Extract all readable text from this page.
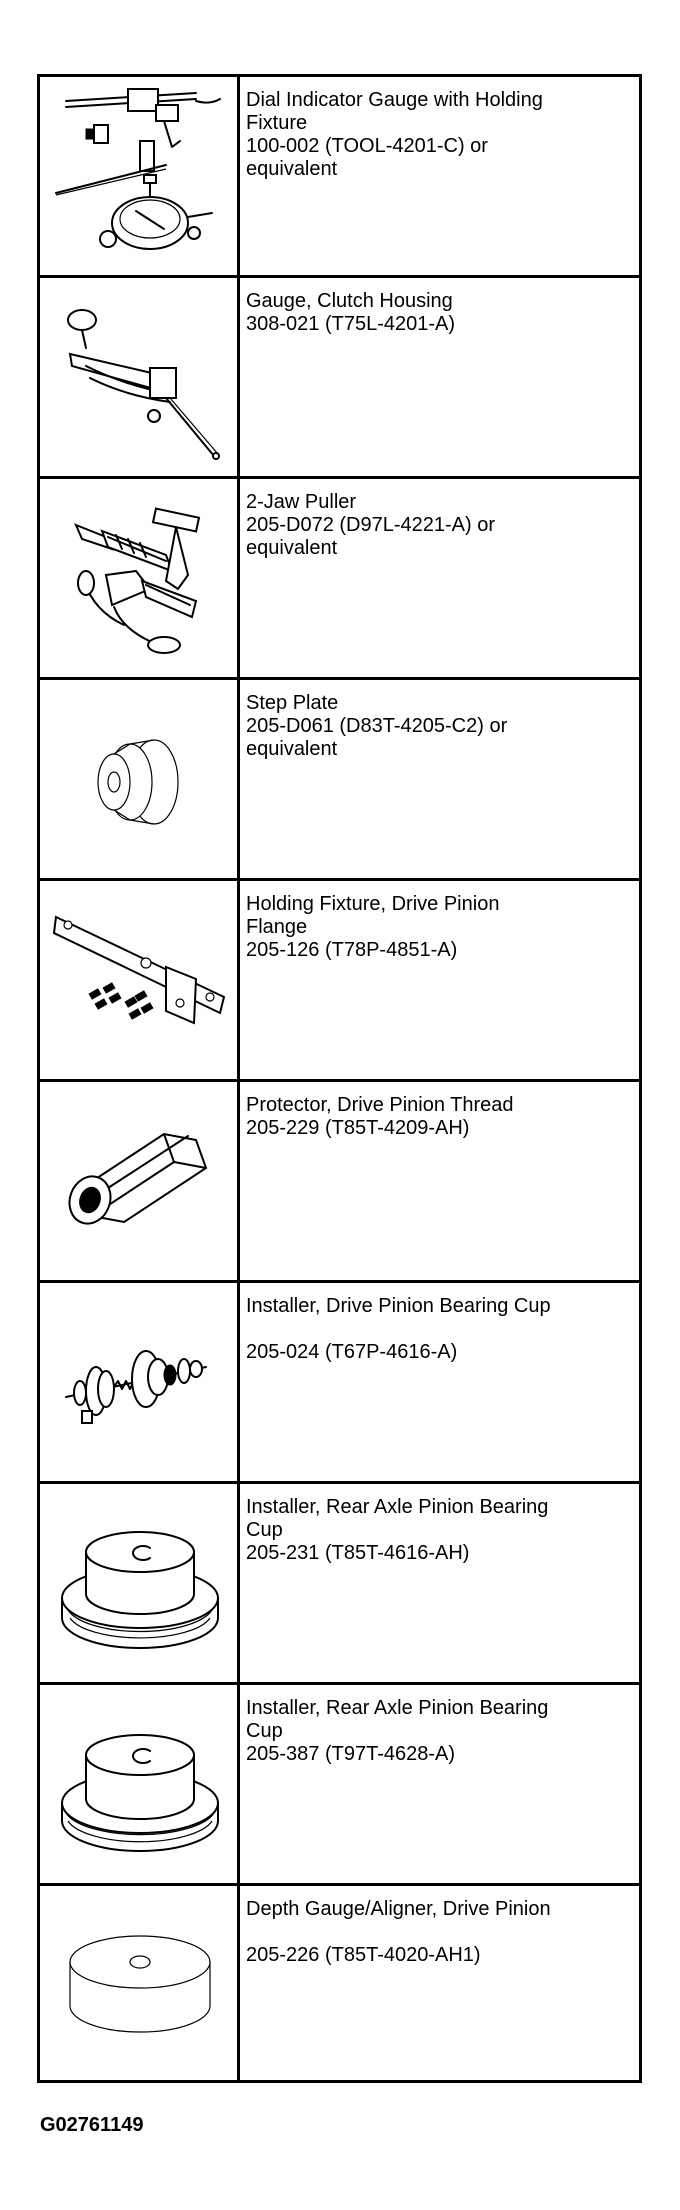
Dial Indicator Gauge with Holding
Fixture
100-002 (TOOL-4201-C) or
equivalent
Gauge, Clutch Housing
308-021 (T75L-4201-A)
2-Jaw Puller
205-D072 (D97L-4221-A) or
equivalent
Step Plate
205-D061 (D83T-4205-C2) or
equivalent
Holding Fixture, Drive Pinion
Flange
205-126 (T78P-4851-A)
Protector, Drive Pinion Thread
205-229 (T85T-4209-AH)
Installer, Drive Pinion Bearing Cup
205-024 (T67P-4616-A)
Installer, Rear Axle Pinion Bearing
Cup
205-231 (T85T-4616-AH)
Installer, Rear Axle Pinion Bearing
Cup
205-387 (T97T-4628-A)
Depth Gauge/Aligner, Drive Pinion
205-226 (T85T-4020-AH1)
G02761149
